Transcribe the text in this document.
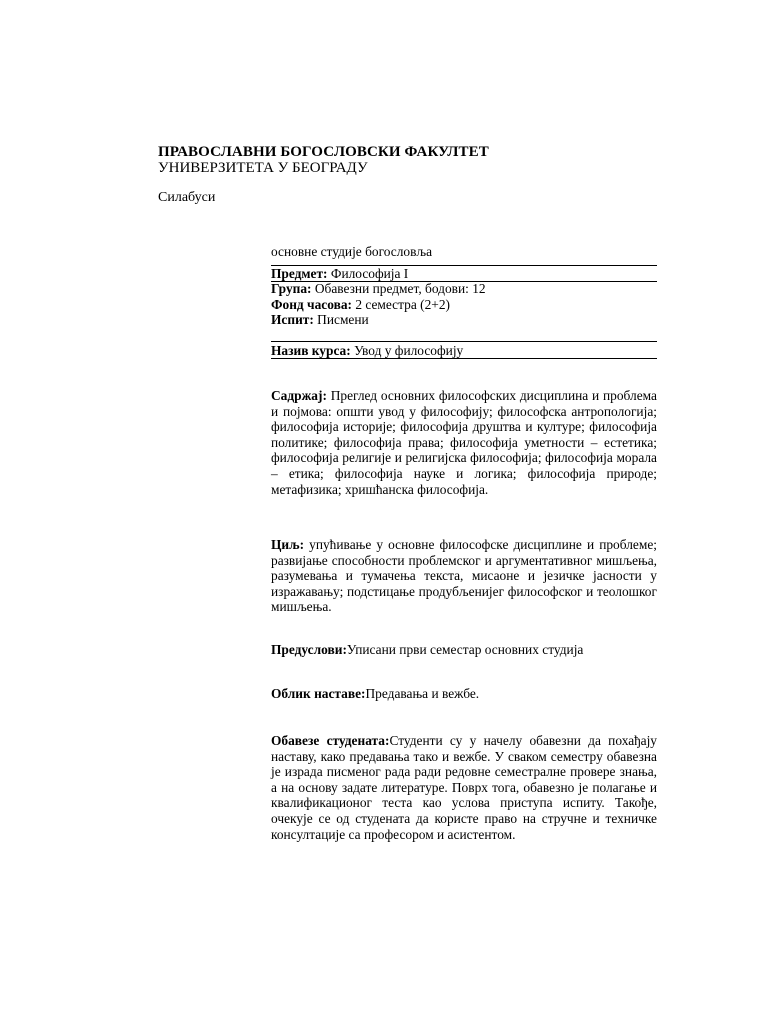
ПРАВОСЛАВНИ БОГОСЛОВСКИ ФАКУЛТЕТ
УНИВЕРЗИТЕТА У БЕОГРАДУ
Силабуси
основне студије богословља
Предмет: Философија I
Група: Обавезни предмет, бодови: 12
Фонд часова: 2 семестра (2+2)
Испит: Писмени
Назив курса: Увод у философију
Садржај: Преглед основних философских дисциплина и проблема и појмова: општи увод у философију; философска антропологија; философија историје; философија друштва и културе; философија политике; философија права; философија уметности – естетика; философија религије и религијска философија; философија морала – етика; философија науке и логика; философија природе; метафизика; хришћанска философија.
Циљ: упућивање у основне философске дисциплине и проблеме; развијање способности проблемског и аргументативног мишљења, разумевања и тумачења текста, мисаоне и језичке јасности у изражавању; подстицање продубљенијег философског и теолошког мишљења.
Предуслови:Уписани први семестар основних студија
Облик наставе:Предавања и вежбе.
Обавезе студената:Студенти су у начелу обавезни да похађају наставу, како предавања тако и вежбе. У сваком семестру обавезна је израда писменог рада ради редовне семестралне провере знања, а на основу задате литературе. Поврх тога, обавезно је полагање и квалификационог теста као услова приступа испиту. Такође, очекује се од студената да користе право на стручне и техничке консултације са професором и асистентом.
